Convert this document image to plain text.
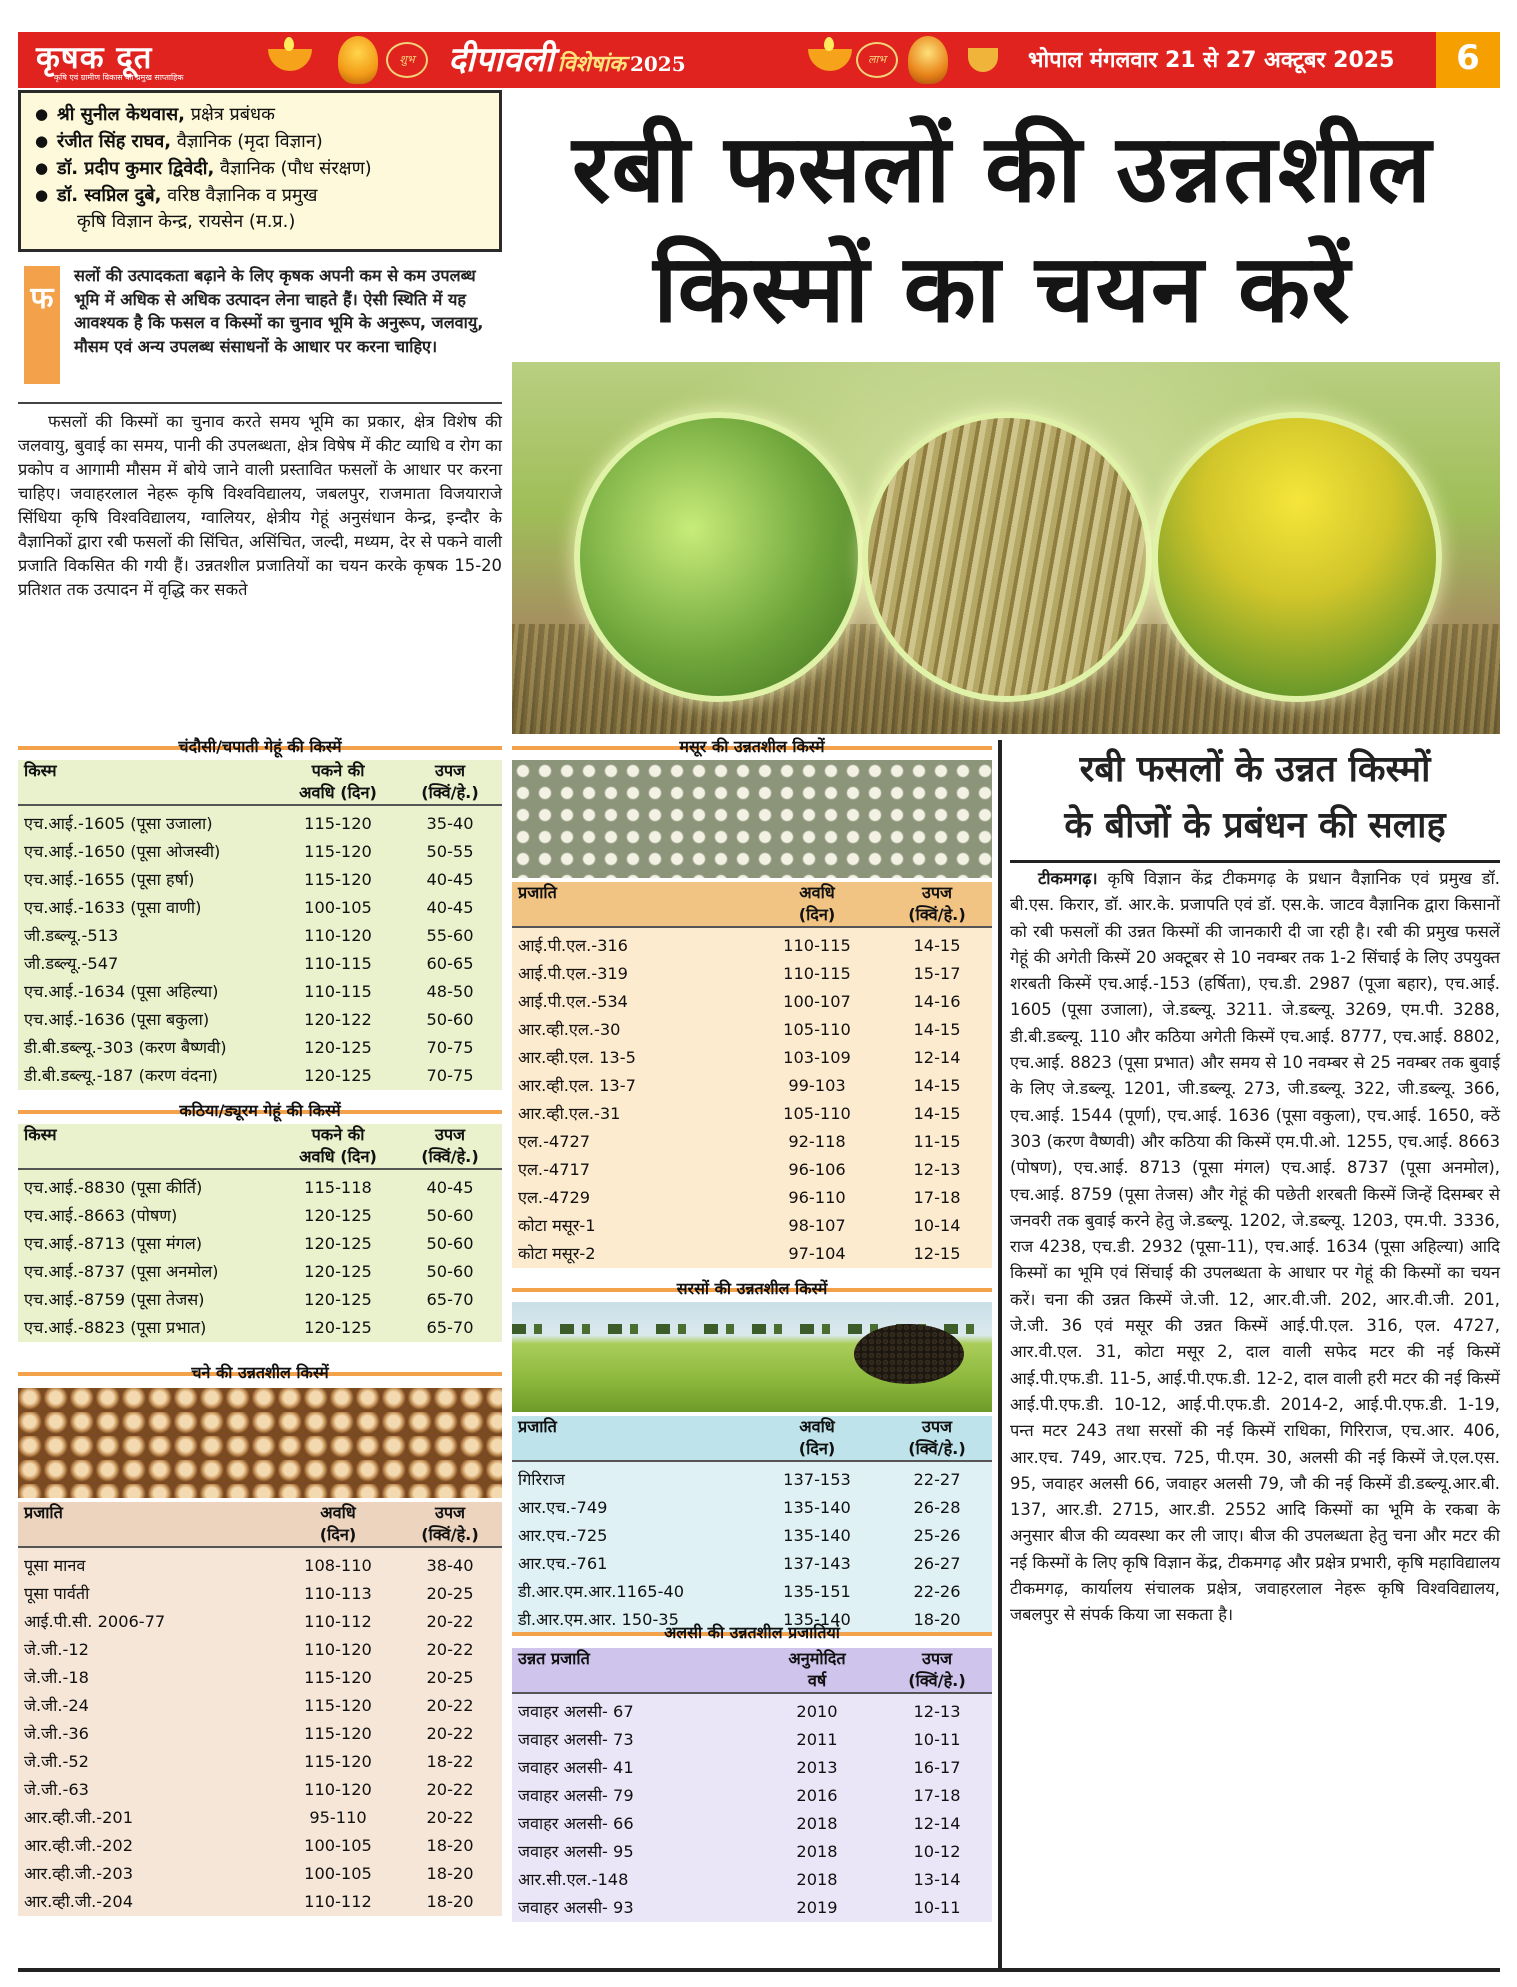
कृषक दूत
कृषि एवं ग्रामीण विकास का प्रमुख साप्ताहिक
शुभ दीपावली विशेषांक 2025	लाभ	भोपाल मंगलवार 21 से 27 अक्टूबर 2025	6
● श्री सुनील केथवास, प्रक्षेत्र प्रबंधक
● रंजीत सिंह राघव, वैज्ञानिक (मृदा विज्ञान)
● डॉ. प्रदीप कुमार द्विवेदी, वैज्ञानिक (पौध संरक्षण)
● डॉ. स्वप्निल दुबे, वरिष्ठ वैज्ञानिक व प्रमुख
कृषि विज्ञान केन्द्र, रायसेन (म.प्र.)	रबी फसलों की उन्नतशील
किस्मों का चयन करें
फ
सलों की उत्पादकता बढ़ाने के लिए कृषक अपनी कम से कम उपलब्ध भूमि में अधिक से अधिक उत्पादन लेना चाहते हैं। ऐसी स्थिति में यह आवश्यक है कि फसल व किस्मों का चुनाव भूमि के अनुरूप, जलवायु, मौसम एवं अन्य उपलब्ध संसाधनों के आधार पर करना चाहिए।
फसलों की किस्मों का चुनाव करते समय भूमि का प्रकार, क्षेत्र विशेष की जलवायु, बुवाई का समय, पानी की उपलब्धता, क्षेत्र विषेष में कीट व्याधि व रोग का प्रकोप व आगामी मौसम में बोये जाने वाली प्रस्तावित फसलों के आधार पर करना चाहिए। जवाहरलाल नेहरू कृषि विश्वविद्यालय, जबलपुर, राजमाता विजयाराजे सिंधिया कृषि विश्वविद्यालय, ग्वालियर, क्षेत्रीय गेहूं अनुसंधान केन्द्र, इन्दौर के वैज्ञानिकों द्वारा रबी फसलों की सिंचित, असिंचित, जल्दी, मध्यम, देर से पकने वाली प्रजाति विकसित की गयी हैं। उन्नतशील प्रजातियों का चयन करके कृषक 15-20 प्रतिशत तक उत्पादन में वृद्धि कर सकते
चंदौसी/चपाती गेहूं की किस्में
किस्म	पकने की	उपज
	अवधि (दिन)	(क्विं/हे.)
एच.आई.-1605 (पूसा उजाला)	115-120	35-40
एच.आई.-1650 (पूसा ओजस्वी)	115-120	50-55
एच.आई.-1655 (पूसा हर्षा)	115-120	40-45
एच.आई.-1633 (पूसा वाणी)	100-105	40-45
जी.डब्ल्यू.-513	110-120	55-60
जी.डब्ल्यू.-547	110-115	60-65
एच.आई.-1634 (पूसा अहिल्या)	110-115	48-50
एच.आई.-1636 (पूसा बकुला)	120-122	50-60
डी.बी.डब्ल्यू.-303 (करण बैष्णवी)	120-125	70-75
डी.बी.डब्ल्यू.-187 (करण वंदना)	120-125	70-75
कठिया/ड्यूरम गेहूं की किस्में
किस्म	पकने की	उपज
	अवधि (दिन)	(क्विं/हे.)
एच.आई.-8830 (पूसा कीर्ति)	115-118	40-45
एच.आई.-8663 (पोषण)	120-125	50-60
एच.आई.-8713 (पूसा मंगल)	120-125	50-60
एच.आई.-8737 (पूसा अनमोल)	120-125	50-60
एच.आई.-8759 (पूसा तेजस)	120-125	65-70
एच.आई.-8823 (पूसा प्रभात)	120-125	65-70
चने की उन्नतशील किस्में
प्रजाति	अवधि	उपज
	(दिन)	(क्विं/हे.)
पूसा मानव	108-110	38-40
पूसा पार्वती	110-113	20-25
आई.पी.सी. 2006-77	110-112	20-22
जे.जी.-12	110-120	20-22
जे.जी.-18	115-120	20-25
जे.जी.-24	115-120	20-22
जे.जी.-36	115-120	20-22
जे.जी.-52	115-120	18-22
जे.जी.-63	110-120	20-22
आर.व्ही.जी.-201	95-110	20-22
आर.व्ही.जी.-202	100-105	18-20
आर.व्ही.जी.-203	100-105	18-20
आर.व्ही.जी.-204	110-112	18-20
मसूर की उन्नतशील किस्में
प्रजाति	अवधि	उपज
	(दिन)	(क्विं/हे.)
आई.पी.एल.-316	110-115	14-15
आई.पी.एल.-319	110-115	15-17
आई.पी.एल.-534	100-107	14-16
आर.व्ही.एल.-30	105-110	14-15
आर.व्ही.एल. 13-5	103-109	12-14
आर.व्ही.एल. 13-7	99-103	14-15
आर.व्ही.एल.-31	105-110	14-15
एल.-4727	92-118	11-15
एल.-4717	96-106	12-13
एल.-4729	96-110	17-18
कोटा मसूर-1	98-107	10-14
कोटा मसूर-2	97-104	12-15
सरसों की उन्नतशील किस्में
प्रजाति	अवधि	उपज
	(दिन)	(क्विं/हे.)
गिरिराज	137-153	22-27
आर.एच.-749	135-140	26-28
आर.एच.-725	135-140	25-26
आर.एच.-761	137-143	26-27
डी.आर.एम.आर.1165-40	135-151	22-26
डी.आर.एम.आर. 150-35	135-140	18-20
अलसी की उन्नतशील प्रजातियां
उन्नत प्रजाति	अनुमोदित	उपज
	वर्ष	(क्विं/हे.)
जवाहर अलसी- 67	2010	12-13
जवाहर अलसी- 73	2011	10-11
जवाहर अलसी- 41	2013	16-17
जवाहर अलसी- 79	2016	17-18
जवाहर अलसी- 66	2018	12-14
जवाहर अलसी- 95	2018	10-12
आर.सी.एल.-148	2018	13-14
जवाहर अलसी- 93	2019	10-11
रबी फसलों के उन्नत किस्मों
के बीजों के प्रबंधन की सलाह
टीकमगढ़। कृषि विज्ञान केंद्र टीकमगढ़ के प्रधान वैज्ञानिक एवं प्रमुख डॉ. बी.एस. किरार, डॉ. आर.के. प्रजापति एवं डॉ. एस.के. जाटव वैज्ञानिक द्वारा किसानों को रबी फसलों की उन्नत किस्मों की जानकारी दी जा रही है। रबी की प्रमुख फसलें गेहूं की अगेती किस्में 20 अक्टूबर से 10 नवम्बर तक 1-2 सिंचाई के लिए उपयुक्त शरबती किस्में एच.आई.-153 (हर्षिता), एच.डी. 2987 (पूजा बहार), एच.आई. 1605 (पूसा उजाला), जे.डब्ल्यू. 3211. जे.डब्ल्यू. 3269, एम.पी. 3288, डी.बी.डब्ल्यू. 110 और कठिया अगेती किस्में एच.आई. 8777, एच.आई. 8802, एच.आई. 8823 (पूसा प्रभात) और समय से 10 नवम्बर से 25 नवम्बर तक बुवाई के लिए जे.डब्ल्यू. 1201, जी.डब्ल्यू. 273, जी.डब्ल्यू. 322, जी.डब्ल्यू. 366, एच.आई. 1544 (पूर्णा), एच.आई. 1636 (पूसा वकुला), एच.आई. 1650, क्ठें 303 (करण वैष्णवी) और कठिया की किस्में एम.पी.ओ. 1255, एच.आई. 8663 (पोषण), एच.आई. 8713 (पूसा मंगल) एच.आई. 8737 (पूसा अनमोल), एच.आई. 8759 (पूसा तेजस) और गेहूं की पछेती शरबती किस्में जिन्हें दिसम्बर से जनवरी तक बुवाई करने हेतु जे.डब्ल्यू. 1202, जे.डब्ल्यू. 1203, एम.पी. 3336, राज 4238, एच.डी. 2932 (पूसा-11), एच.आई. 1634 (पूसा अहिल्या) आदि किस्मों का भूमि एवं सिंचाई की उपलब्धता के आधार पर गेहूं की किस्मों का चयन करें। चना की उन्नत किस्में जे.जी. 12, आर.वी.जी. 202, आर.वी.जी. 201, जे.जी. 36 एवं मसूर की उन्नत किस्में आई.पी.एल. 316, एल. 4727, आर.वी.एल. 31, कोटा मसूर 2, दाल वाली सफेद मटर की नई किस्में आई.पी.एफ.डी. 11-5, आई.पी.एफ.डी. 12-2, दाल वाली हरी मटर की नई किस्में आई.पी.एफ.डी. 10-12, आई.पी.एफ.डी. 2014-2, आई.पी.एफ.डी. 1-19, पन्त मटर 243 तथा सरसों की नई किस्में राधिका, गिरिराज, एच.आर. 406, आर.एच. 749, आर.एच. 725, पी.एम. 30, अलसी की नई किस्में जे.एल.एस. 95, जवाहर अलसी 66, जवाहर अलसी 79, जौ की नई किस्में डी.डब्ल्यू.आर.बी. 137, आर.डी. 2715, आर.डी. 2552 आदि किस्मों का भूमि के रकबा के अनुसार बीज की व्यवस्था कर ली जाए। बीज की उपलब्धता हेतु चना और मटर की नई किस्मों के लिए कृषि विज्ञान केंद्र, टीकमगढ़ और प्रक्षेत्र प्रभारी, कृषि महाविद्यालय टीकमगढ़, कार्यालय संचालक प्रक्षेत्र, जवाहरलाल नेहरू कृषि विश्वविद्यालय, जबलपुर से संपर्क किया जा सकता है।
